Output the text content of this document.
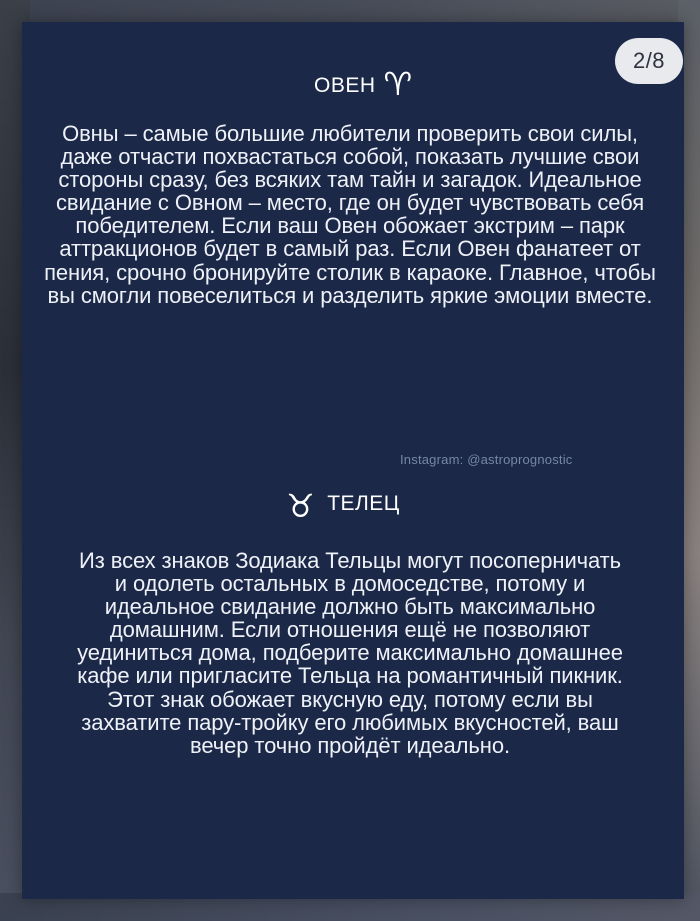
2/8
ОВЕН ♈
Овны – самые большие любители проверить свои силы, даже отчасти похвастаться собой, показать лучшие свои стороны сразу, без всяких там тайн и загадок. Идеальное свидание с Овном – место, где он будет чувствовать себя победителем. Если ваш Овен обожает экстрим – парк аттракционов будет в самый раз. Если Овен фанатеет от пения, срочно бронируйте столик в караоке. Главное, чтобы вы смогли повеселиться и разделить яркие эмоции вместе.
Instagram: @astroprognostic
♉ ТЕЛЕЦ
Из всех знаков Зодиака Тельцы могут посоперничать и одолеть остальных в домоседстве, потому и идеальное свидание должно быть максимально домашним. Если отношения ещё не позволяют уединиться дома, подберите максимально домашнее кафе или пригласите Тельца на романтичный пикник. Этот знак обожает вкусную еду, потому если вы захватите пару-тройку его любимых вкусностей, ваш вечер точно пройдёт идеально.
